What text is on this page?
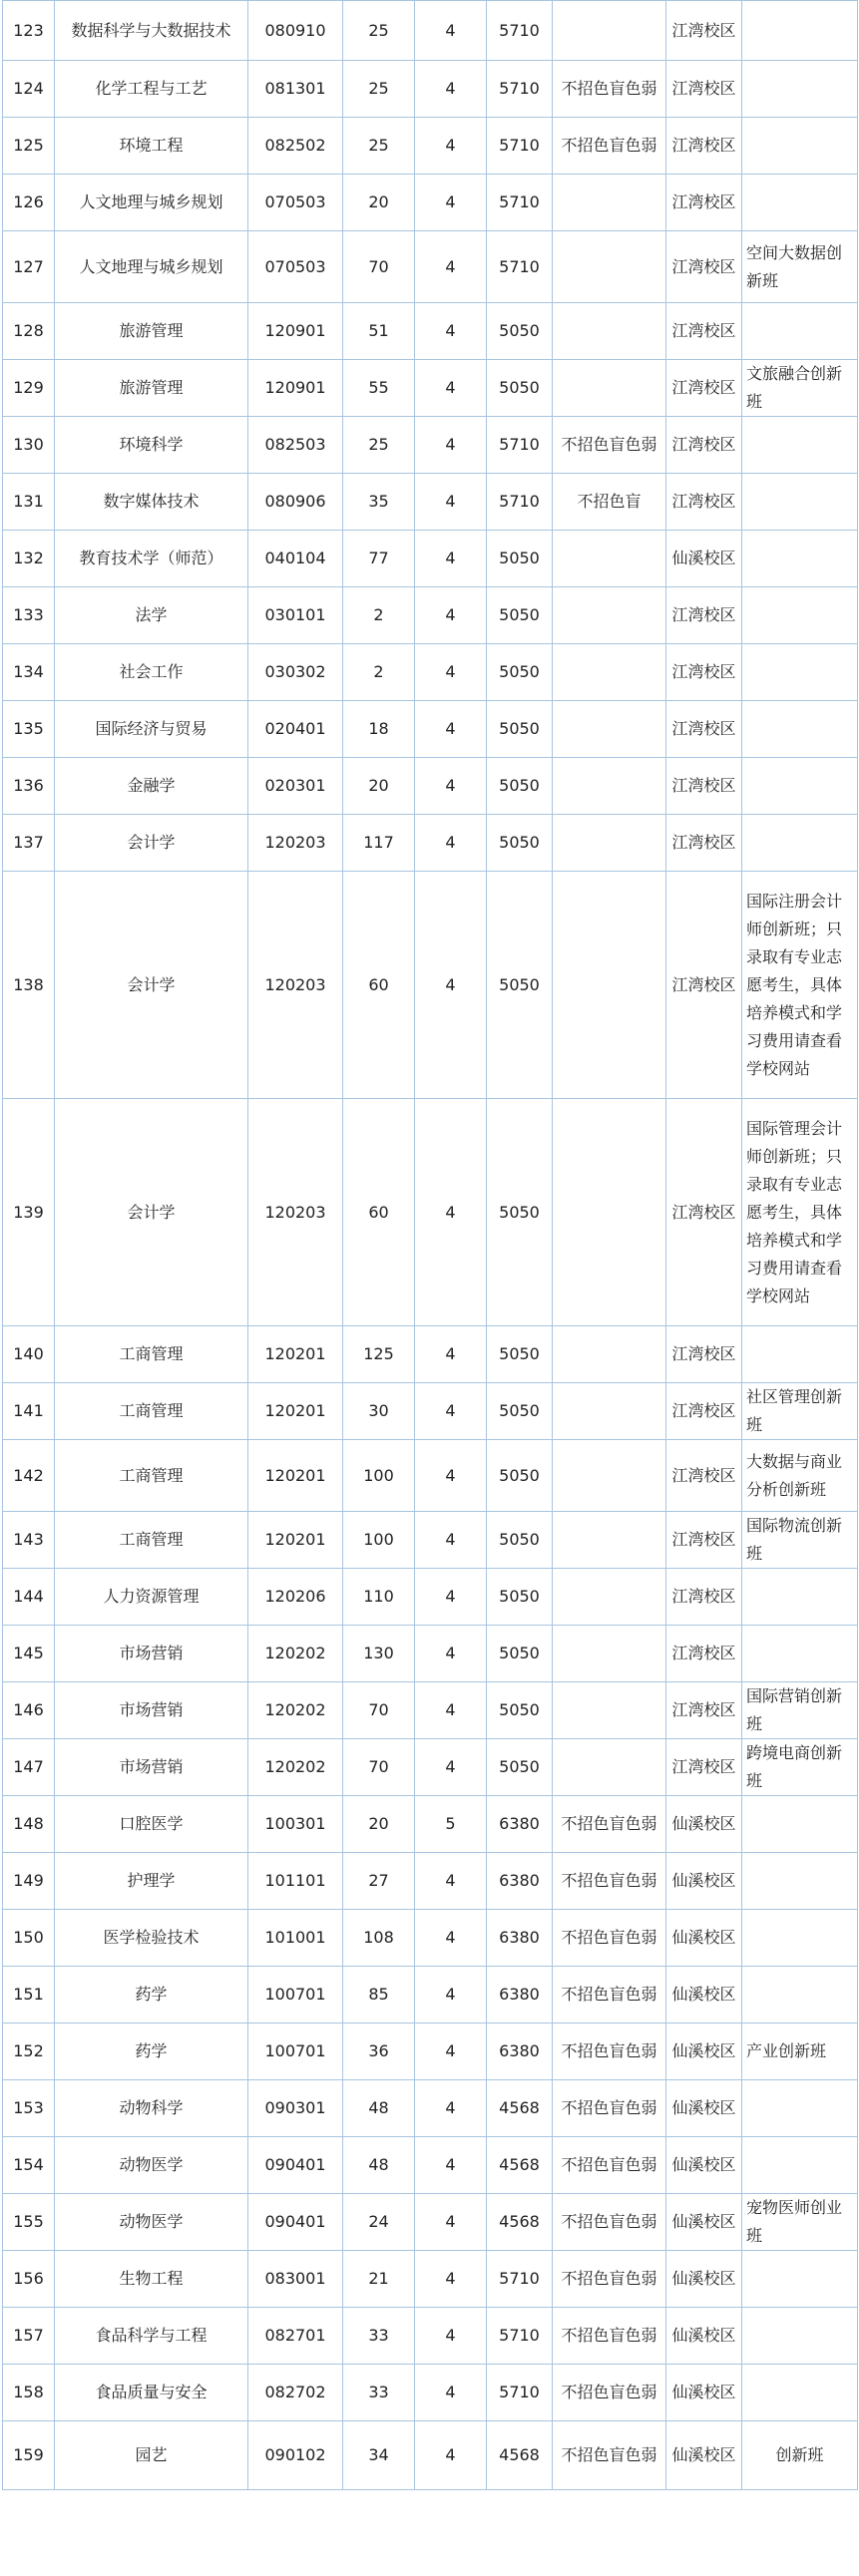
123	数据科学与大数据技术	080910	25	4	5710		江湾校区	
124	化学工程与工艺	081301	25	4	5710	不招色盲色弱	江湾校区	
125	环境工程	082502	25	4	5710	不招色盲色弱	江湾校区	
126	人文地理与城乡规划	070503	20	4	5710		江湾校区	
127	人文地理与城乡规划	070503	70	4	5710		江湾校区	空间大数据创新班
128	旅游管理	120901	51	4	5050		江湾校区	
129	旅游管理	120901	55	4	5050		江湾校区	文旅融合创新班
130	环境科学	082503	25	4	5710	不招色盲色弱	江湾校区	
131	数字媒体技术	080906	35	4	5710	不招色盲	江湾校区	
132	教育技术学（师范）	040104	77	4	5050		仙溪校区	
133	法学	030101	2	4	5050		江湾校区	
134	社会工作	030302	2	4	5050		江湾校区	
135	国际经济与贸易	020401	18	4	5050		江湾校区	
136	金融学	020301	20	4	5050		江湾校区	
137	会计学	120203	117	4	5050		江湾校区	
138	会计学	120203	60	4	5050		江湾校区	国际注册会计师创新班；只录取有专业志愿考生，具体培养模式和学习费用请查看学校网站
139	会计学	120203	60	4	5050		江湾校区	国际管理会计师创新班；只录取有专业志愿考生，具体培养模式和学习费用请查看学校网站
140	工商管理	120201	125	4	5050		江湾校区	
141	工商管理	120201	30	4	5050		江湾校区	社区管理创新班
142	工商管理	120201	100	4	5050		江湾校区	大数据与商业分析创新班
143	工商管理	120201	100	4	5050		江湾校区	国际物流创新班
144	人力资源管理	120206	110	4	5050		江湾校区	
145	市场营销	120202	130	4	5050		江湾校区	
146	市场营销	120202	70	4	5050		江湾校区	国际营销创新班
147	市场营销	120202	70	4	5050		江湾校区	跨境电商创新班
148	口腔医学	100301	20	5	6380	不招色盲色弱	仙溪校区	
149	护理学	101101	27	4	6380	不招色盲色弱	仙溪校区	
150	医学检验技术	101001	108	4	6380	不招色盲色弱	仙溪校区	
151	药学	100701	85	4	6380	不招色盲色弱	仙溪校区	
152	药学	100701	36	4	6380	不招色盲色弱	仙溪校区	产业创新班
153	动物科学	090301	48	4	4568	不招色盲色弱	仙溪校区	
154	动物医学	090401	48	4	4568	不招色盲色弱	仙溪校区	
155	动物医学	090401	24	4	4568	不招色盲色弱	仙溪校区	宠物医师创业班
156	生物工程	083001	21	4	5710	不招色盲色弱	仙溪校区	
157	食品科学与工程	082701	33	4	5710	不招色盲色弱	仙溪校区	
158	食品质量与安全	082702	33	4	5710	不招色盲色弱	仙溪校区	
159	园艺	090102	34	4	4568	不招色盲色弱	仙溪校区	创新班
